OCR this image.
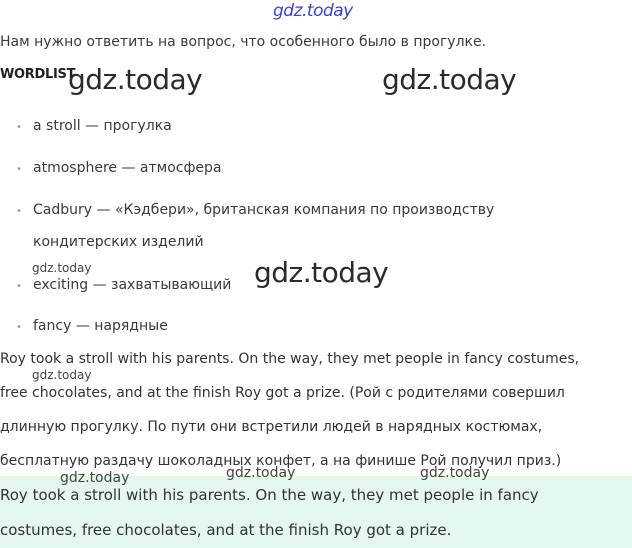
gdz.today
gdz.today	gdz.today
gdz.today
gdz.today
gdz.today
Нам нужно ответить на вопрос, что особенного было в прогулке.
WORDLIST
• a stroll — прогулка
• atmosphere — атмосфера
• Cadbury — «Кэдбери», британская компания по производству
кондитерских изделий
• exciting — захватывающий
• fancy — нарядные
Roy took a stroll with his parents. On the way, they met people in fancy costumes,
free chocolates, and at the finish Roy got a prize. (Рой с родителями совершил
длинную прогулку. По пути они встретили людей в нарядных костюмах,
бесплатную раздачу шоколадных конфет, а на финише Рой получил приз.)
Roy took a stroll with his parents. On the way, they met people in fancy
costumes, free chocolates, and at the finish Roy got a prize.
gdz.today	gdz.today	gdz.today
